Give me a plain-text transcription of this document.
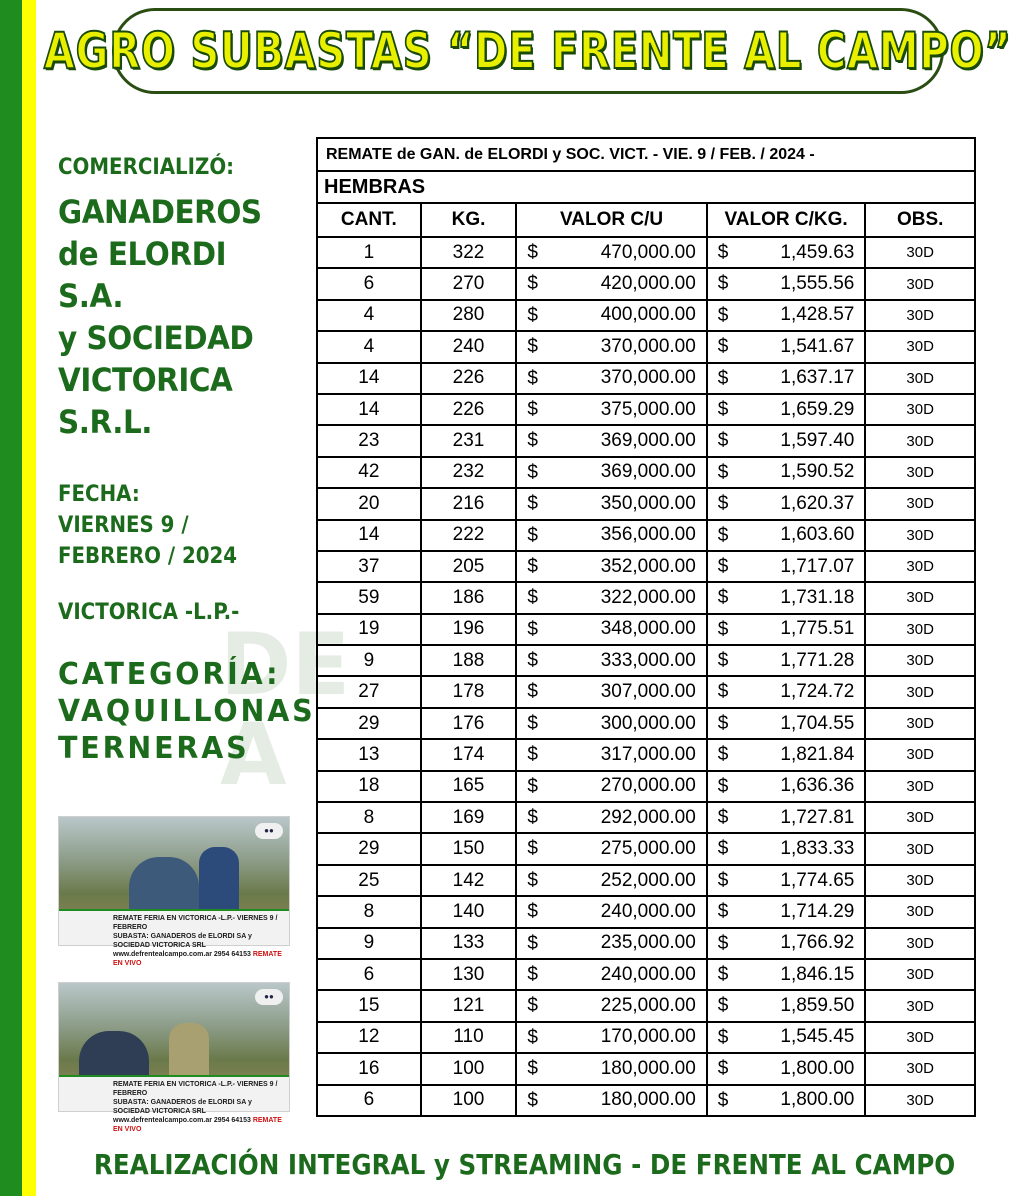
AGRO SUBASTAS “DE FRENTE AL CAMPO”
DE
A
COMERCIALIZÓ:
GANADEROS
de ELORDI S.A.
y SOCIEDAD
VICTORICA
S.R.L.
FECHA:
VIERNES 9 /
FEBRERO / 2024
VICTORICA -L.P.-
CATEGORÍA:
VAQUILLONAS
TERNERAS
●●
REMATE FERIA EN VICTORICA -L.P.- VIERNES 9 / FEBRERO
SUBASTA: GANADEROS de ELORDI SA y SOCIEDAD VICTORICA SRL
www.defrentealcampo.com.ar 2954 64153 REMATE EN VIVO
●●
REMATE FERIA EN VICTORICA -L.P.- VIERNES 9 / FEBRERO
SUBASTA: GANADEROS de ELORDI SA y SOCIEDAD VICTORICA SRL
www.defrentealcampo.com.ar 2954 64153 REMATE EN VIVO
REMATE de GAN. de ELORDI y SOC. VICT. - VIE. 9 / FEB. / 2024 -				
HEMBRAS				
CANT.	KG.	VALOR C/U	VALOR C/KG.	OBS.
1	322	$ 470,000.00	$ 1,459.63	30D
6	270	$ 420,000.00	$ 1,555.56	30D
4	280	$ 400,000.00	$ 1,428.57	30D
4	240	$ 370,000.00	$ 1,541.67	30D
14	226	$ 370,000.00	$ 1,637.17	30D
14	226	$ 375,000.00	$ 1,659.29	30D
23	231	$ 369,000.00	$ 1,597.40	30D
42	232	$ 369,000.00	$ 1,590.52	30D
20	216	$ 350,000.00	$ 1,620.37	30D
14	222	$ 356,000.00	$ 1,603.60	30D
37	205	$ 352,000.00	$ 1,717.07	30D
59	186	$ 322,000.00	$ 1,731.18	30D
19	196	$ 348,000.00	$ 1,775.51	30D
9	188	$ 333,000.00	$ 1,771.28	30D
27	178	$ 307,000.00	$ 1,724.72	30D
29	176	$ 300,000.00	$ 1,704.55	30D
13	174	$ 317,000.00	$ 1,821.84	30D
18	165	$ 270,000.00	$ 1,636.36	30D
8	169	$ 292,000.00	$ 1,727.81	30D
29	150	$ 275,000.00	$ 1,833.33	30D
25	142	$ 252,000.00	$ 1,774.65	30D
8	140	$ 240,000.00	$ 1,714.29	30D
9	133	$ 235,000.00	$ 1,766.92	30D
6	130	$ 240,000.00	$ 1,846.15	30D
15	121	$ 225,000.00	$ 1,859.50	30D
12	110	$ 170,000.00	$ 1,545.45	30D
16	100	$ 180,000.00	$ 1,800.00	30D
6	100	$ 180,000.00	$ 1,800.00	30D
REALIZACIÓN INTEGRAL y STREAMING - DE FRENTE AL CAMPO
